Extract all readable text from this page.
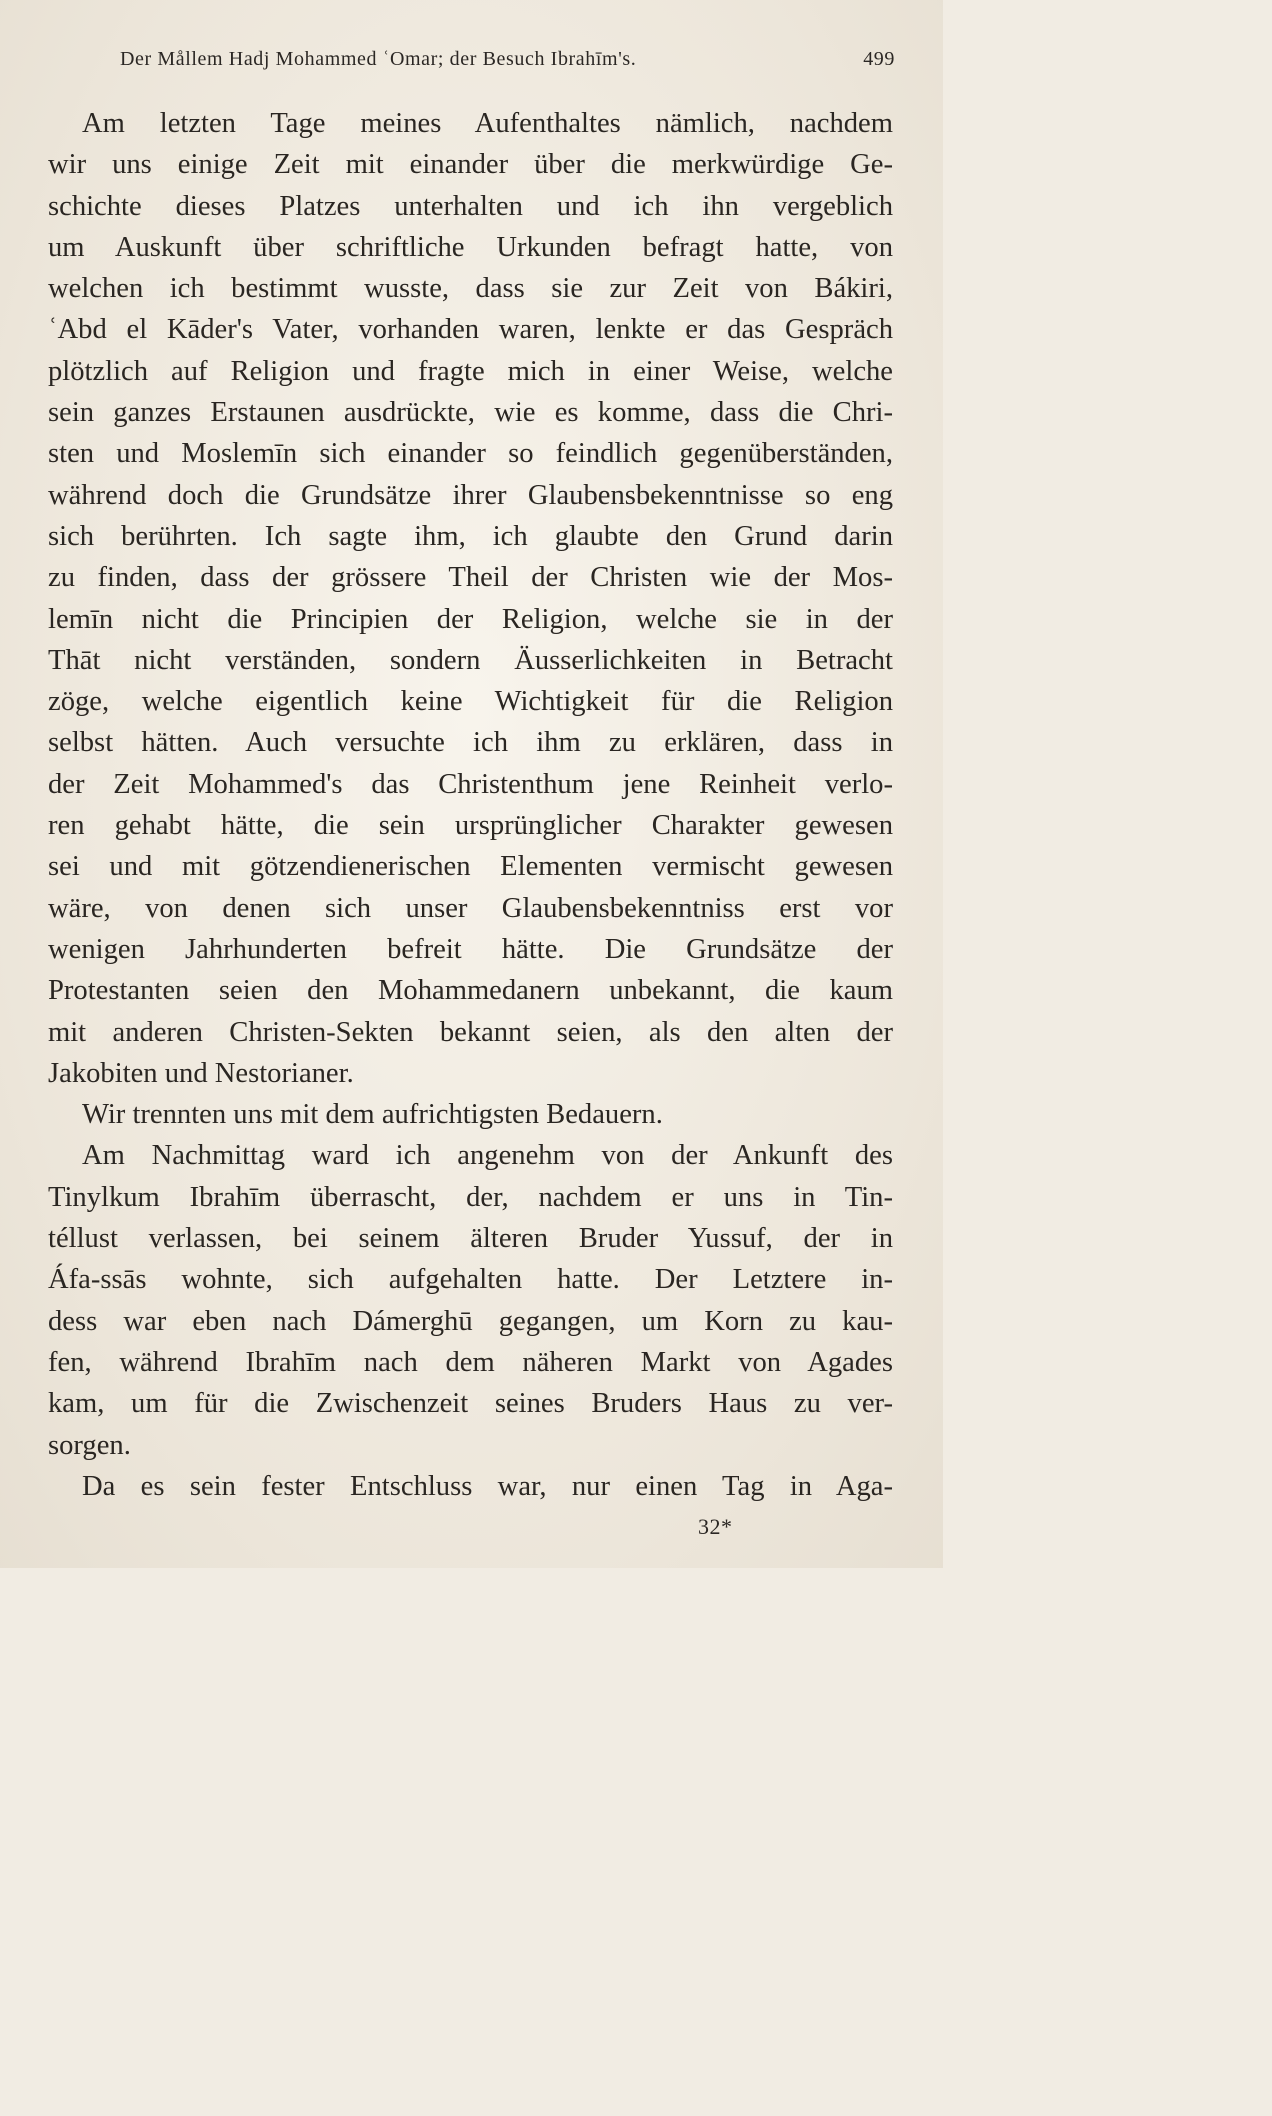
Der Mållem Hadj Mohammed ʿOmar; der Besuch Ibrahīm's.	499
Am letzten Tage meines Aufenthaltes nämlich, nachdem
wir uns einige Zeit mit einander über die merkwürdige Ge-
schichte dieses Platzes unterhalten und ich ihn vergeblich
um Auskunft über schriftliche Urkunden befragt hatte, von
welchen ich bestimmt wusste, dass sie zur Zeit von Bákiri,
ʿAbd el Kāder's Vater, vorhanden waren, lenkte er das Gespräch
plötzlich auf Religion und fragte mich in einer Weise, welche
sein ganzes Erstaunen ausdrückte, wie es komme, dass die Chri-
sten und Moslemīn sich einander so feindlich gegenüberständen,
während doch die Grundsätze ihrer Glaubensbekenntnisse so eng
sich berührten. Ich sagte ihm, ich glaubte den Grund darin
zu finden, dass der grössere Theil der Christen wie der Mos-
lemīn nicht die Principien der Religion, welche sie in der
Thāt nicht verständen, sondern Äusserlichkeiten in Betracht
zöge, welche eigentlich keine Wichtigkeit für die Religion
selbst hätten. Auch versuchte ich ihm zu erklären, dass in
der Zeit Mohammed's das Christenthum jene Reinheit verlo-
ren gehabt hätte, die sein ursprünglicher Charakter gewesen
sei und mit götzendienerischen Elementen vermischt gewesen
wäre, von denen sich unser Glaubensbekenntniss erst vor
wenigen Jahrhunderten befreit hätte. Die Grundsätze der
Protestanten seien den Mohammedanern unbekannt, die kaum
mit anderen Christen-Sekten bekannt seien, als den alten der
Jakobiten und Nestorianer.
Wir trennten uns mit dem aufrichtigsten Bedauern.
Am Nachmittag ward ich angenehm von der Ankunft des
Tinylkum Ibrahīm überrascht, der, nachdem er uns in Tin-
téllust verlassen, bei seinem älteren Bruder Yussuf, der in
Áfa-ssās wohnte, sich aufgehalten hatte. Der Letztere in-
dess war eben nach Dámerghū gegangen, um Korn zu kau-
fen, während Ibrahīm nach dem näheren Markt von Agades
kam, um für die Zwischenzeit seines Bruders Haus zu ver-
sorgen.
Da es sein fester Entschluss war, nur einen Tag in Aga-
32*
